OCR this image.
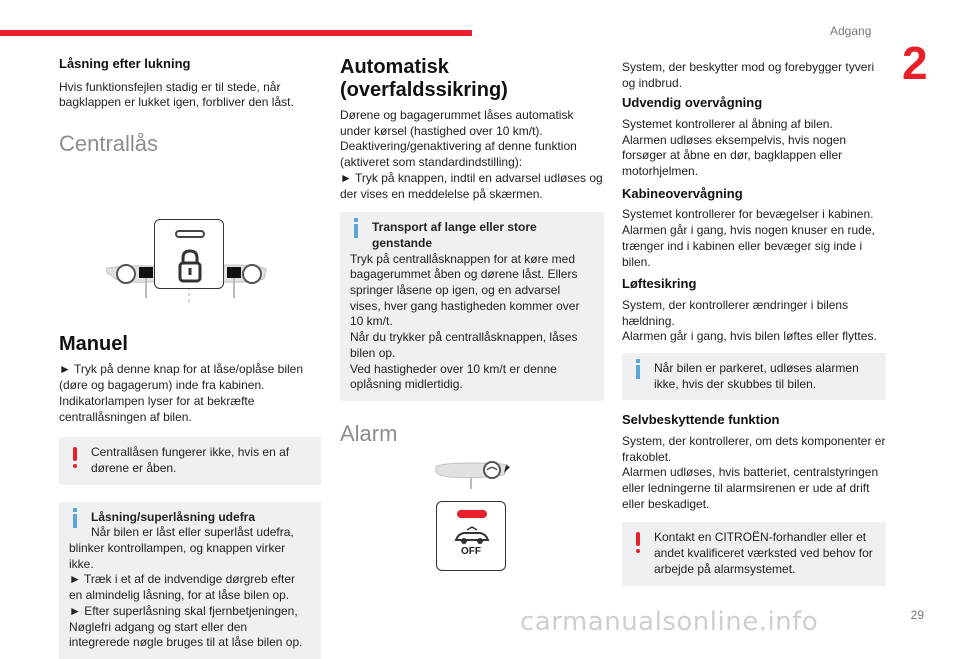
Adgang
2
Låsning efter lukning

Hvis funktionsfejlen stadig er til stede, når bagklappen er lukket igen, forbliver den låst.

Centrallås
Manuel

► Tryk på denne knap for at låse/oplåse bilen (døre og bagagerum) inde fra kabinen.
Indikatorlampen lyser for at bekræfte centrallåsningen af bilen.

Centrallåsen fungerer ikke, hvis en af dørene er åben.

Låsning/superlåsning udefra

Når bilen er låst eller superlåst udefra,

blinker kontrollampen, og knappen virker ikke.
► Træk i et af de indvendige dørgreb efter en almindelig låsning, for at låse bilen op.
► Efter superlåsning skal fjernbetjeningen, Nøglefri adgang og start eller den integrerede nøgle bruges til at låse bilen op.

Automatisk (overfaldssikring)

Dørene og bagagerummet låses automatisk under kørsel (hastighed over 10 km/t).
Deaktivering/genaktivering af denne funktion (aktiveret som standardindstilling):
► Tryk på knappen, indtil en advarsel udløses og der vises en meddelelse på skærmen.

Transport af lange eller store genstande

Tryk på centrallåsknappen for at køre med bagagerummet åben og dørene låst. Ellers springer låsene op igen, og en advarsel vises, hver gang hastigheden kommer over 10 km/t.
Når du trykker på centrallåsknappen, låses bilen op.
Ved hastigheder over 10 km/t er denne oplåsning midlertidig.

Alarm
OFF

System, der beskytter mod og forebygger tyveri og indbrud.

Udvendig overvågning

Systemet kontrollerer al åbning af bilen.
Alarmen udløses eksempelvis, hvis nogen forsøger at åbne en dør, bagklappen eller motorhjelmen.

Kabineovervågning

Systemet kontrollerer for bevægelser i kabinen.
Alarmen går i gang, hvis nogen knuser en rude, trænger ind i kabinen eller bevæger sig inde i bilen.

Løftesikring

System, der kontrollerer ændringer i bilens hældning.
Alarmen går i gang, hvis bilen løftes eller flyttes.

Når bilen er parkeret, udløses alarmen ikke, hvis der skubbes til bilen.

Selvbeskyttende funktion

System, der kontrollerer, om dets komponenter er frakoblet.
Alarmen udløses, hvis batteriet, centralstyringen eller ledningerne til alarmsirenen er ude af drift eller beskadiget.

Kontakt en CITROËN-forhandler eller et andet kvalificeret værksted ved behov for arbejde på alarmsystemet.

carmanualsonline.info	29
